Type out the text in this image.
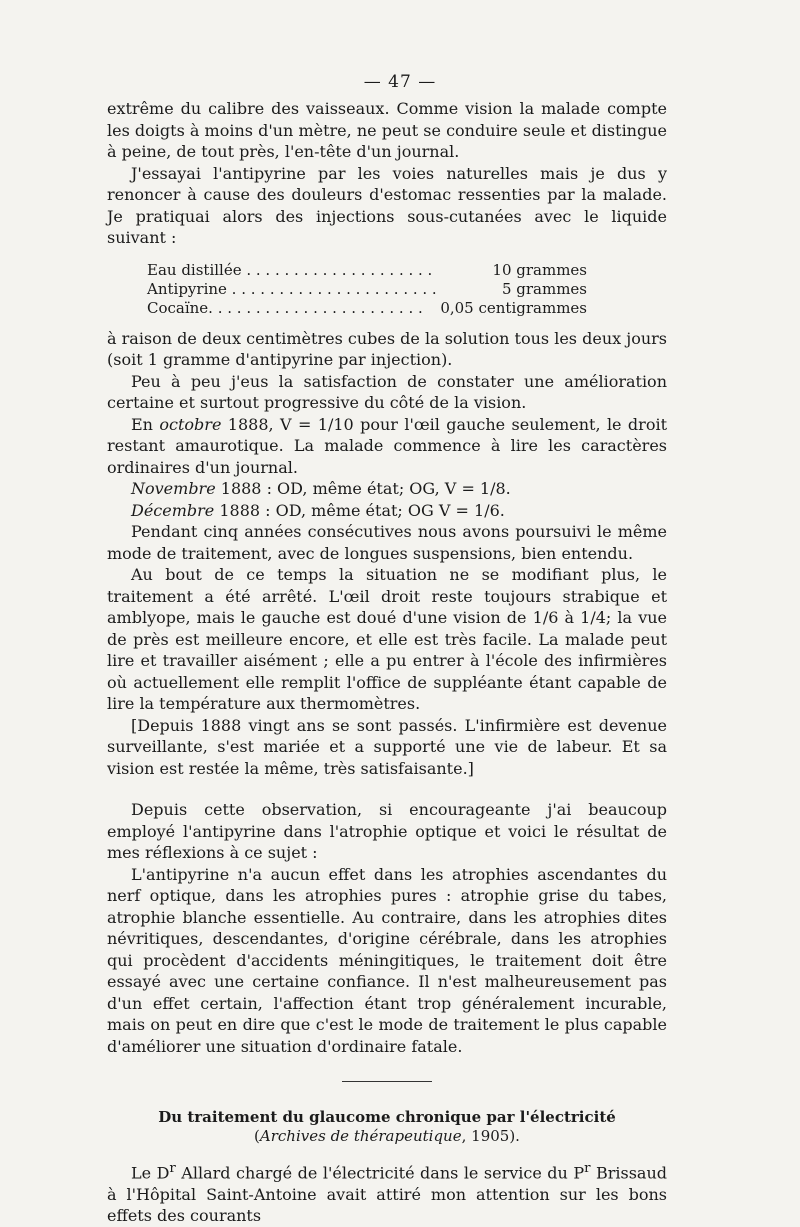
— 47 —

extrême du calibre des vaisseaux. Comme vision la malade compte les doigts à moins d'un mètre, ne peut se conduire seule et distingue à peine, de tout près, l'en-tête d'un journal.

J'essayai l'antipyrine par les voies naturelles mais je dus y renoncer à cause des douleurs d'estomac ressenties par la malade. Je pratiquai alors des injections sous-cutanées avec le liquide suivant :

Eau distillée . . . . . . . . . . . . . . . . . . . .	10 grammes
Antipyrine . . . . . . . . . . . . . . . . . . . . . .	5 grammes
Cocaïne. . . . . . . . . . . . . . . . . . . . . . . 0,05 centigrammes

à raison de deux centimètres cubes de la solution tous les deux jours (soit 1 gramme d'antipyrine par injection).

Peu à peu j'eus la satisfaction de constater une amélioration certaine et surtout progressive du côté de la vision.

En octobre 1888, V = 1/10 pour l'œil gauche seulement, le droit restant amaurotique. La malade commence à lire les caractères ordinaires d'un journal.

Novembre 1888 : OD, même état; OG, V = 1/8.

Décembre 1888 : OD, même état; OG V = 1/6.

Pendant cinq années consécutives nous avons poursuivi le même mode de traitement, avec de longues suspensions, bien entendu.

Au bout de ce temps la situation ne se modifiant plus, le traitement a été arrêté. L'œil droit reste toujours strabique et amblyope, mais le gauche est doué d'une vision de 1/6 à 1/4; la vue de près est meilleure encore, et elle est très facile. La malade peut lire et travailler aisément ; elle a pu entrer à l'école des infirmières où actuellement elle remplit l'office de suppléante étant capable de lire la température aux thermomètres.

[Depuis 1888 vingt ans se sont passés. L'infirmière est devenue surveillante, s'est mariée et a supporté une vie de labeur. Et sa vision est restée la même, très satisfaisante.]

Depuis cette observation, si encourageante j'ai beaucoup employé l'antipyrine dans l'atrophie optique et voici le résultat de mes réflexions à ce sujet :

L'antipyrine n'a aucun effet dans les atrophies ascendantes du nerf optique, dans les atrophies pures : atrophie grise du tabes, atrophie blanche essentielle. Au contraire, dans les atrophies dites névritiques, descendantes, d'origine cérébrale, dans les atrophies qui procèdent d'accidents méningitiques, le traitement doit être essayé avec une certaine confiance. Il n'est malheureusement pas d'un effet certain, l'affection étant trop généralement incurable, mais on peut en dire que c'est le mode de traitement le plus capable d'améliorer une situation d'ordinaire fatale.

Du traitement du glaucome chronique par l'électricité
(Archives de thérapeutique, 1905).

Le $D^r$ Allard chargé de l'électricité dans le service du $P^r$ Brissaud à l'Hôpital Saint-Antoine avait attiré mon attention sur les bons effets des courants
